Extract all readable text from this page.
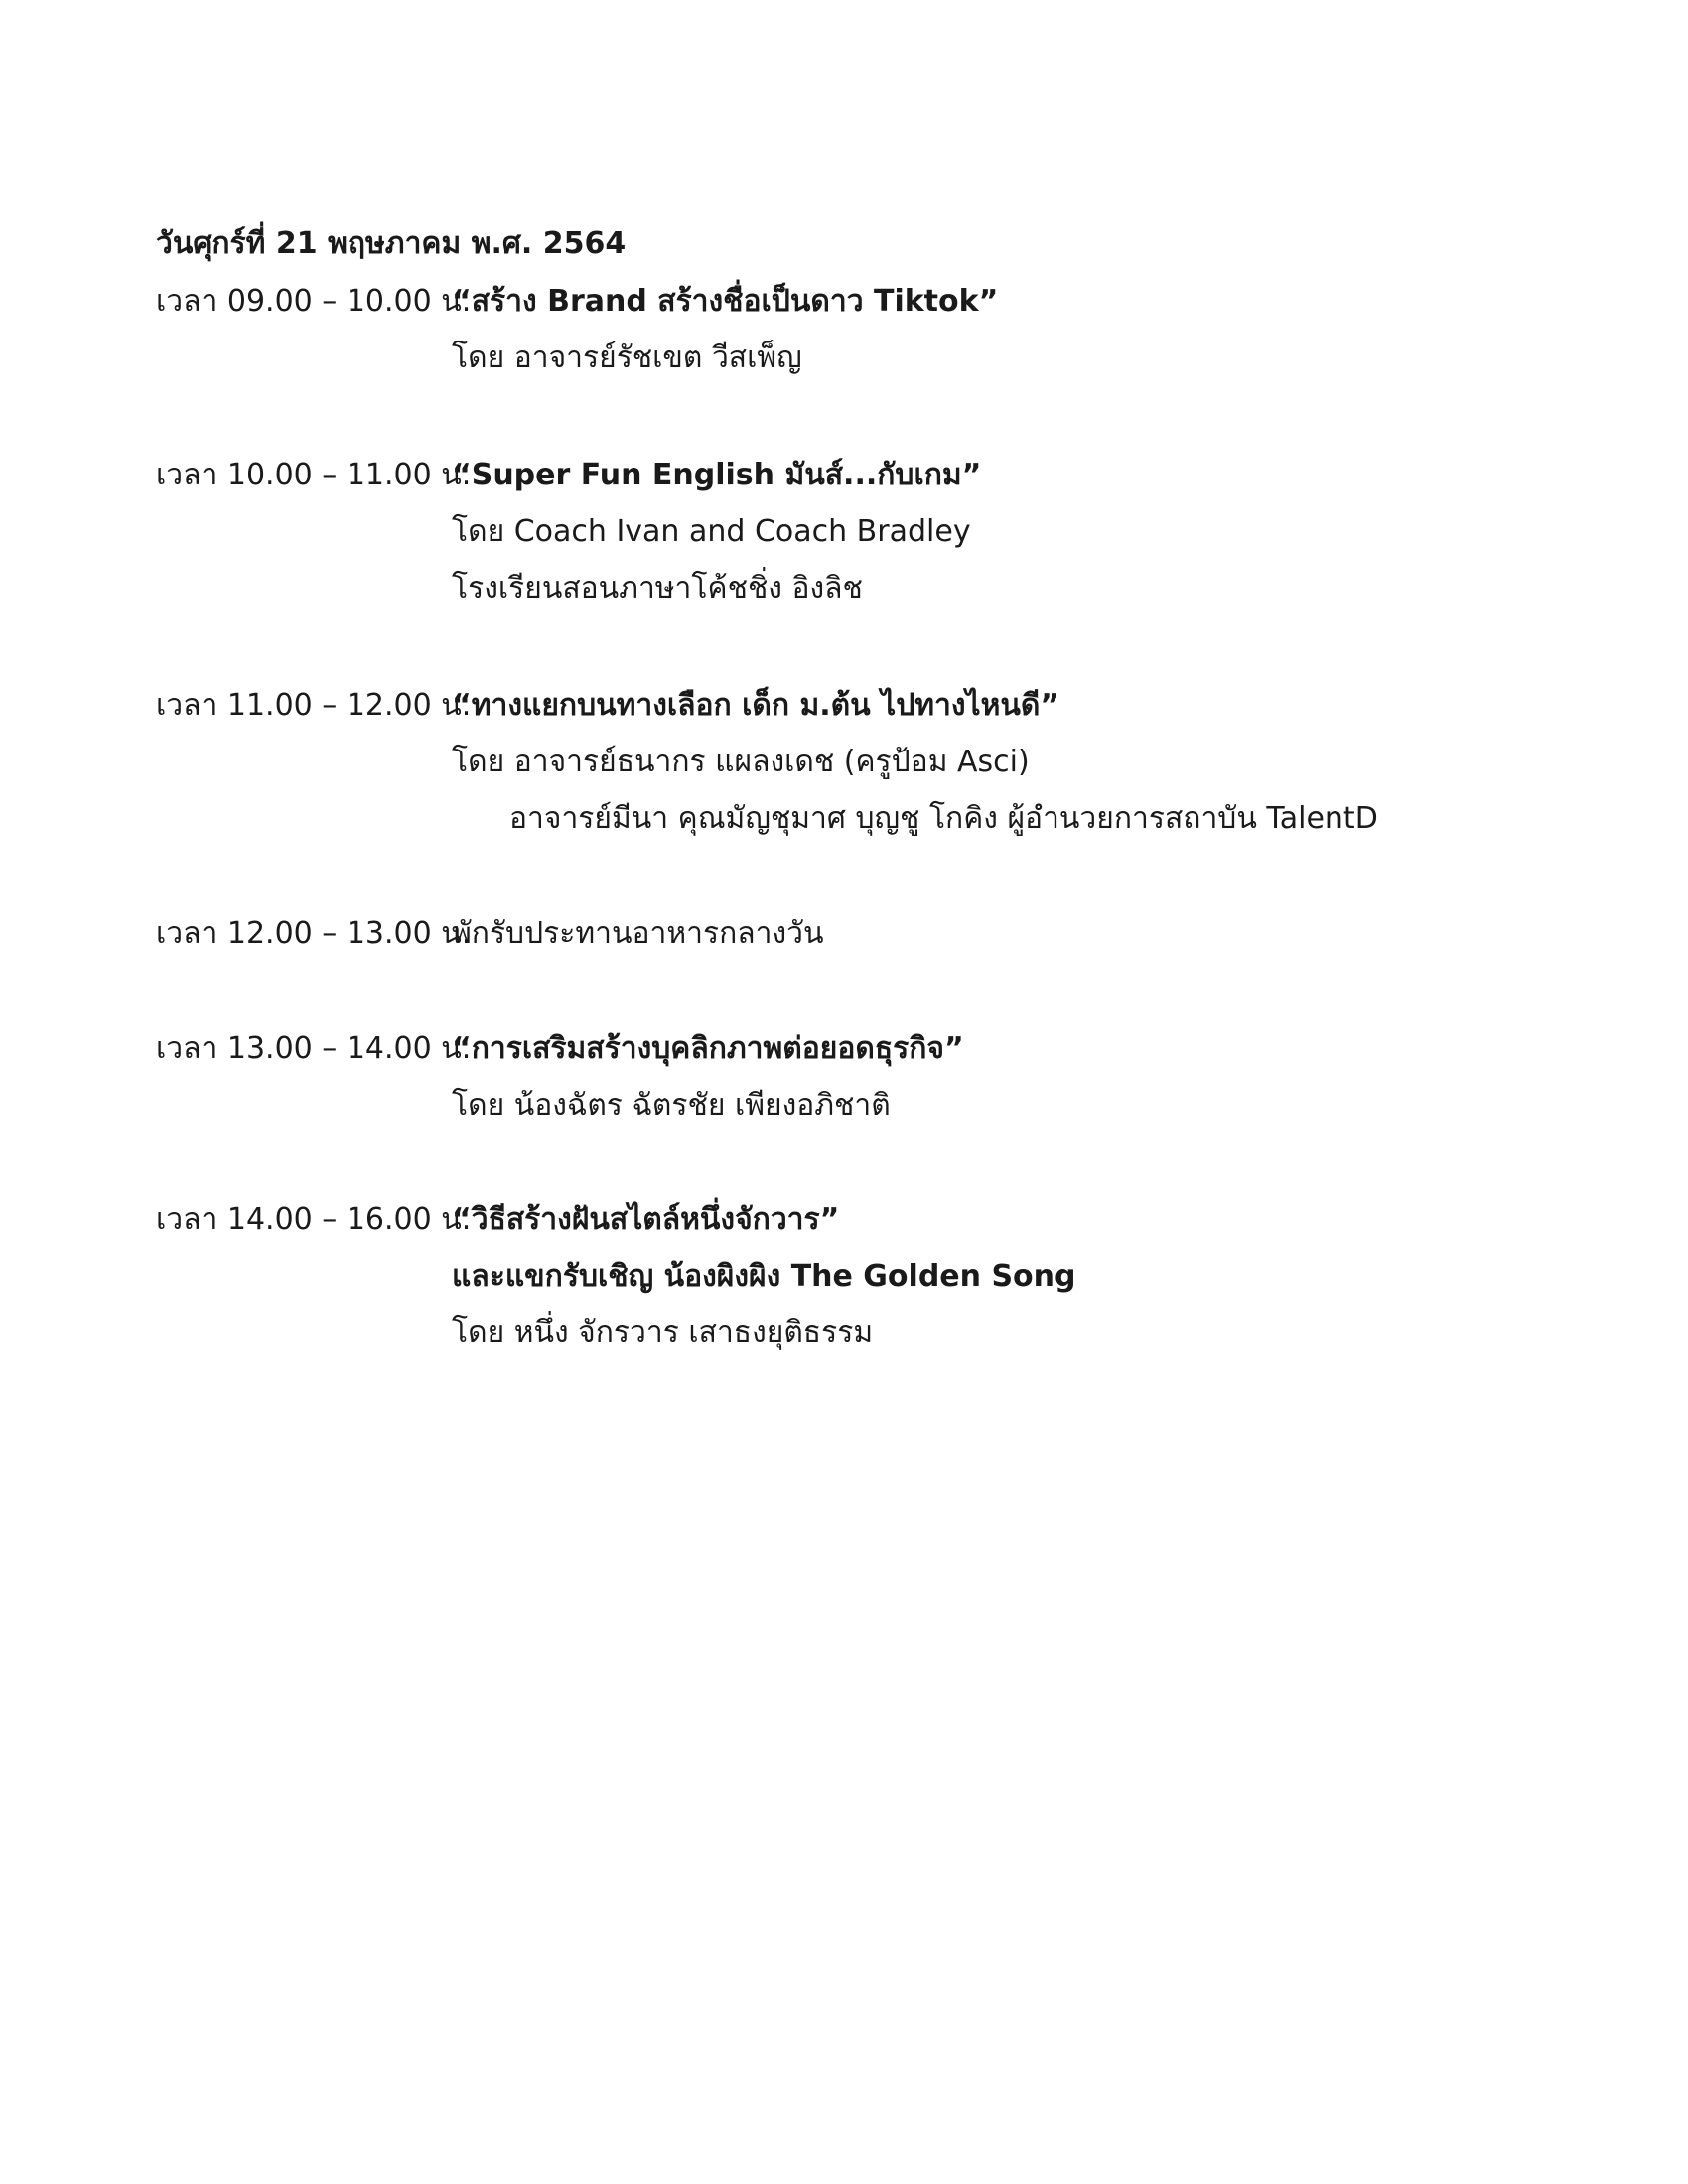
วันศุกร์ที่ 21 พฤษภาคม พ.ศ. 2564
เวลา 09.00 – 10.00 น.
“สร้าง Brand สร้างชื่อเป็นดาว Tiktok”
โดย อาจารย์รัชเขต วีสเพ็ญ
เวลา 10.00 – 11.00 น.
“Super Fun English มันส์...กับเกม”
โดย Coach Ivan and Coach Bradley
โรงเรียนสอนภาษาโค้ชชิ่ง อิงลิช
เวลา 11.00 – 12.00 น.
“ทางแยกบนทางเลือก เด็ก ม.ต้น ไปทางไหนดี”
โดย อาจารย์ธนากร แผลงเดช (ครูป้อม Asci)
อาจารย์มีนา คุณมัญชุมาศ บุญชู โกคิง ผู้อำนวยการสถาบัน TalentD
เวลา 12.00 – 13.00 น.
พักรับประทานอาหารกลางวัน
เวลา 13.00 – 14.00 น.
“การเสริมสร้างบุคลิกภาพต่อยอดธุรกิจ”
โดย น้องฉัตร ฉัตรชัย เพียงอภิชาติ
เวลา 14.00 – 16.00 น.
“วิธีสร้างฝันสไตล์หนึ่งจักวาร”
และแขกรับเชิญ น้องผิงผิง The Golden Song
โดย หนึ่ง จักรวาร เสาธงยุติธรรม
